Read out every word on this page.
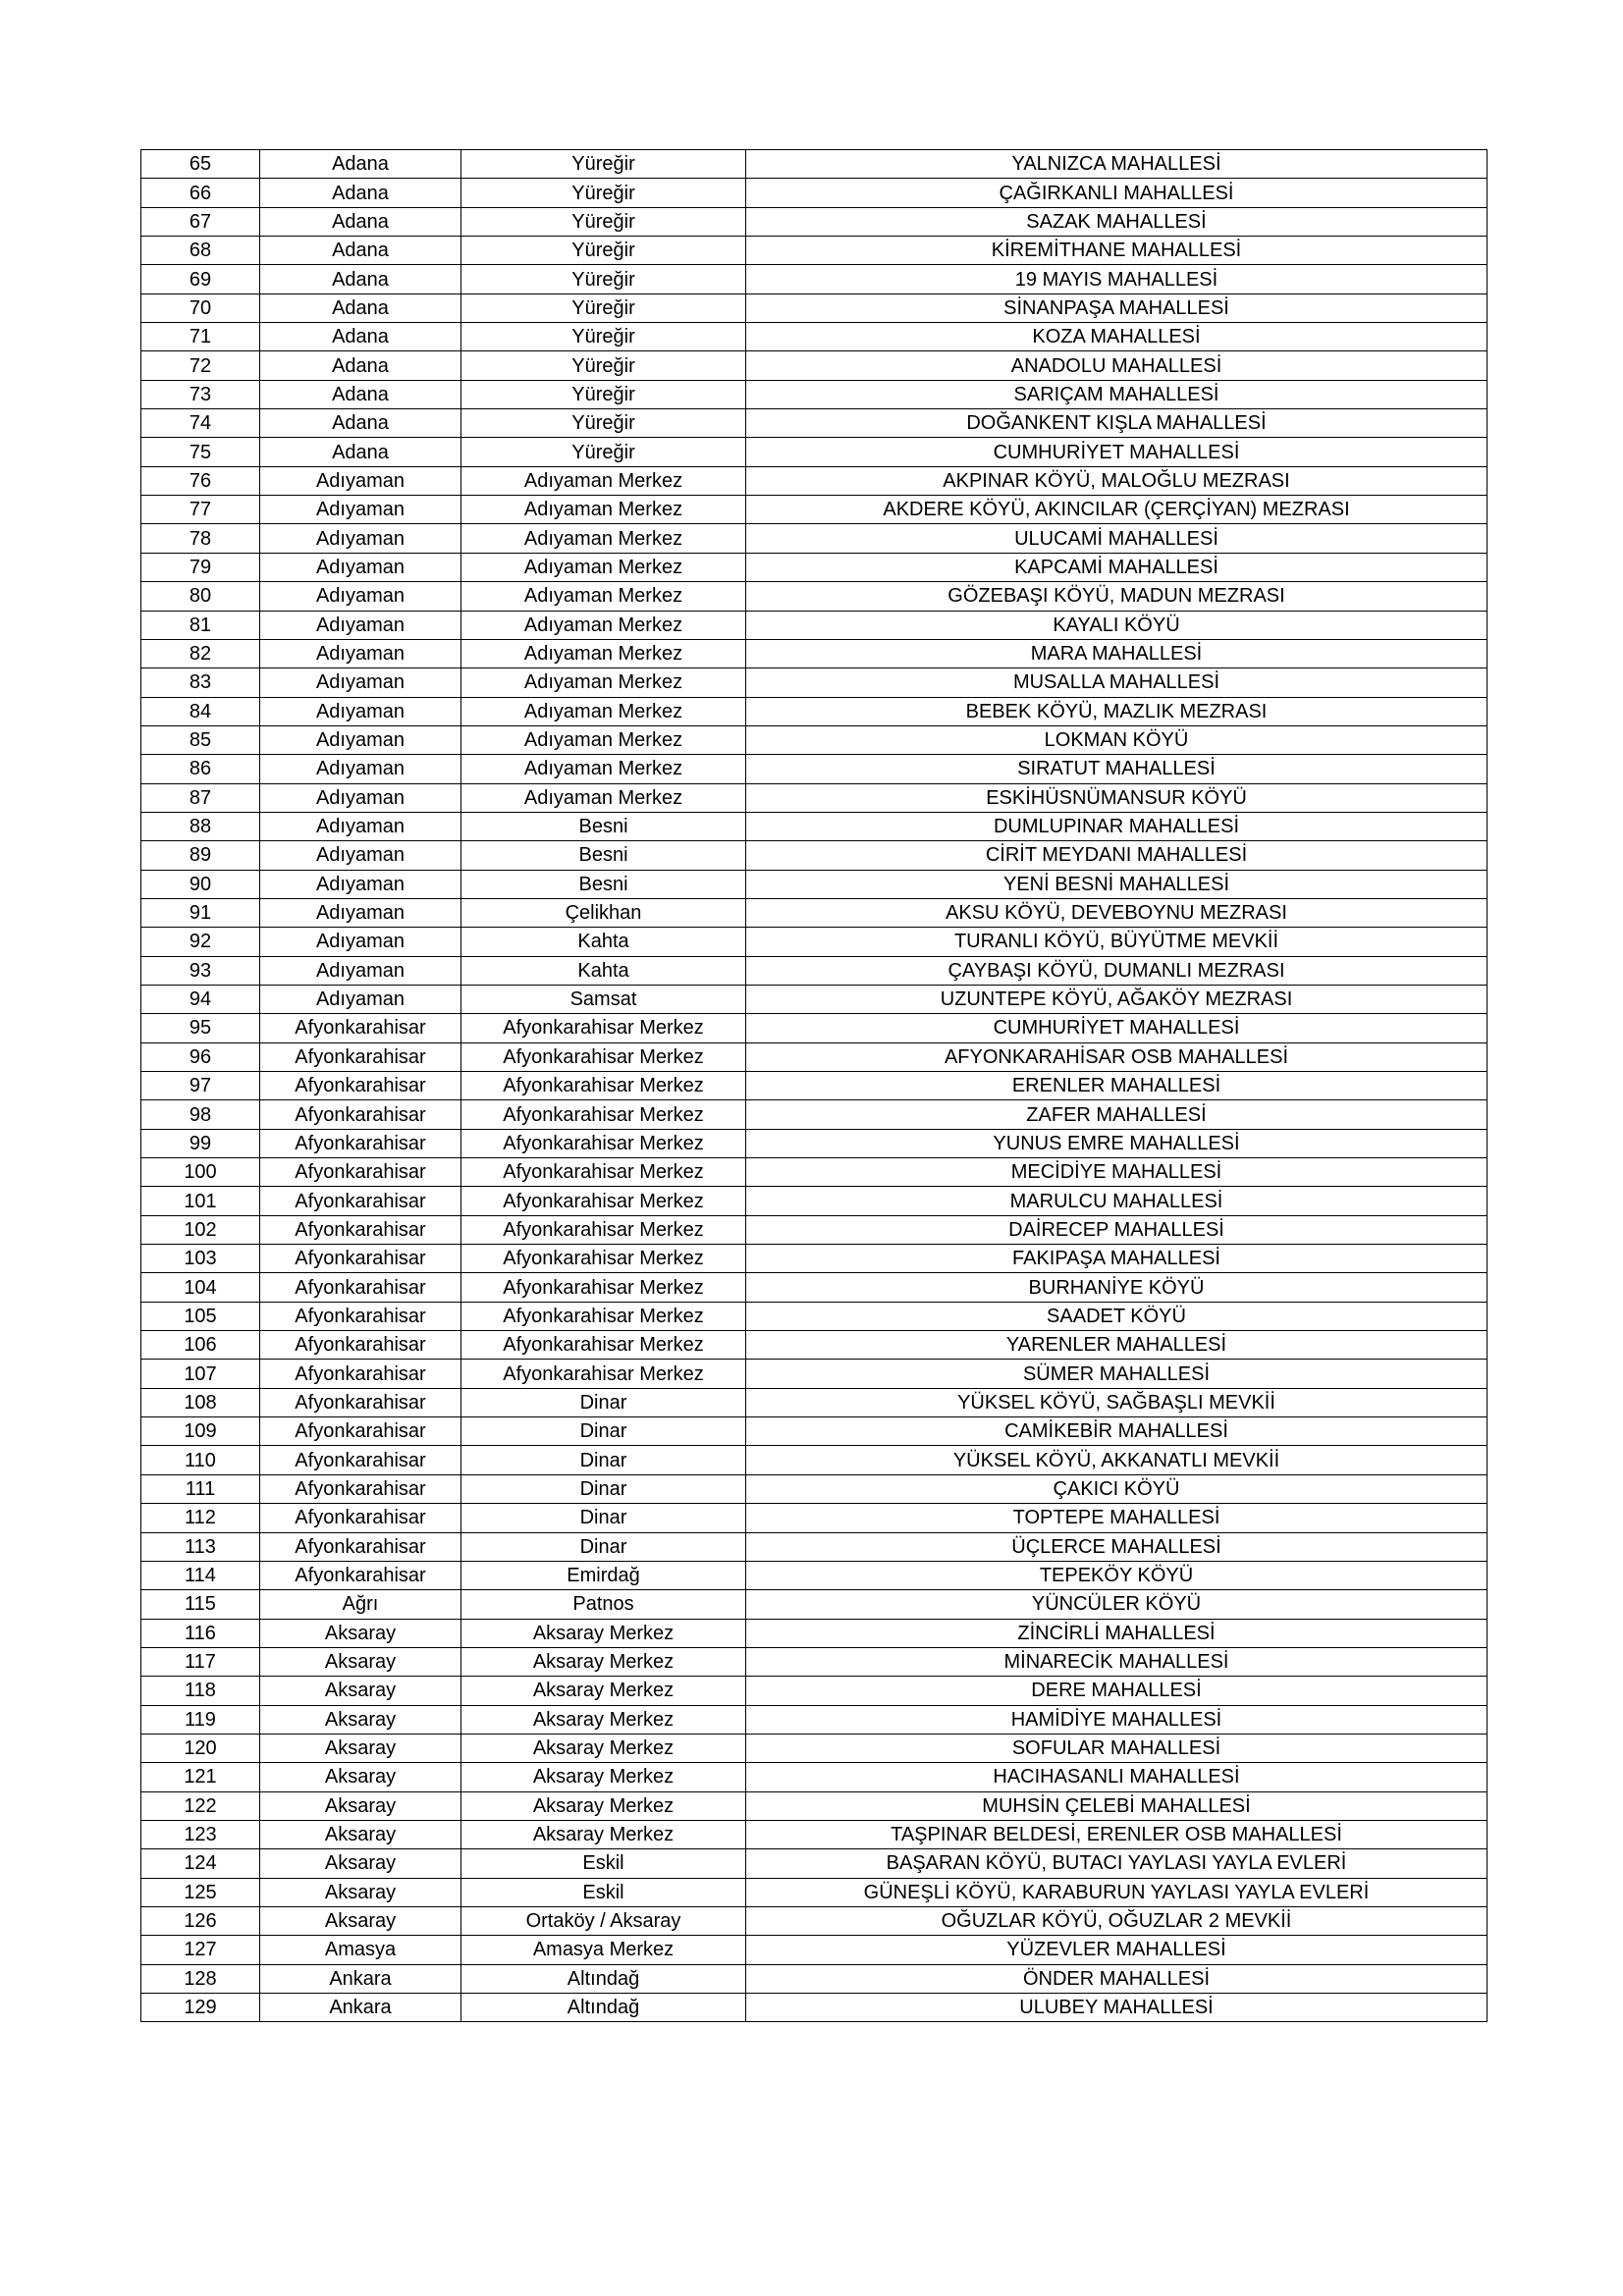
65	Adana	Yüreğir	YALNIZCA MAHALLESİ
66	Adana	Yüreğir	ÇAĞIRKANLI MAHALLESİ
67	Adana	Yüreğir	SAZAK MAHALLESİ
68	Adana	Yüreğir	KİREMİTHANE MAHALLESİ
69	Adana	Yüreğir	19 MAYIS MAHALLESİ
70	Adana	Yüreğir	SİNANPAŞA MAHALLESİ
71	Adana	Yüreğir	KOZA MAHALLESİ
72	Adana	Yüreğir	ANADOLU MAHALLESİ
73	Adana	Yüreğir	SARIÇAM MAHALLESİ
74	Adana	Yüreğir	DOĞANKENT KIŞLA MAHALLESİ
75	Adana	Yüreğir	CUMHURİYET MAHALLESİ
76	Adıyaman	Adıyaman Merkez	AKPINAR KÖYÜ, MALOĞLU MEZRASI
77	Adıyaman	Adıyaman Merkez	AKDERE KÖYÜ, AKINCILAR (ÇERÇİYAN) MEZRASI
78	Adıyaman	Adıyaman Merkez	ULUCAMİ MAHALLESİ
79	Adıyaman	Adıyaman Merkez	KAPCAMİ MAHALLESİ
80	Adıyaman	Adıyaman Merkez	GÖZEBAŞI KÖYÜ, MADUN MEZRASI
81	Adıyaman	Adıyaman Merkez	KAYALI KÖYÜ
82	Adıyaman	Adıyaman Merkez	MARA MAHALLESİ
83	Adıyaman	Adıyaman Merkez	MUSALLA MAHALLESİ
84	Adıyaman	Adıyaman Merkez	BEBEK KÖYÜ, MAZLIK MEZRASI
85	Adıyaman	Adıyaman Merkez	LOKMAN KÖYÜ
86	Adıyaman	Adıyaman Merkez	SIRATUT MAHALLESİ
87	Adıyaman	Adıyaman Merkez	ESKİHÜSNÜMANSUR KÖYÜ
88	Adıyaman	Besni	DUMLUPINAR MAHALLESİ
89	Adıyaman	Besni	CİRİT MEYDANI MAHALLESİ
90	Adıyaman	Besni	YENİ BESNİ MAHALLESİ
91	Adıyaman	Çelikhan	AKSU KÖYÜ, DEVEBOYNU MEZRASI
92	Adıyaman	Kahta	TURANLI KÖYÜ, BÜYÜTME MEVKİİ
93	Adıyaman	Kahta	ÇAYBAŞI KÖYÜ, DUMANLI MEZRASI
94	Adıyaman	Samsat	UZUNTEPE KÖYÜ, AĞAKÖY MEZRASI
95	Afyonkarahisar	Afyonkarahisar Merkez	CUMHURİYET MAHALLESİ
96	Afyonkarahisar	Afyonkarahisar Merkez	AFYONKARAHİSAR OSB MAHALLESİ
97	Afyonkarahisar	Afyonkarahisar Merkez	ERENLER MAHALLESİ
98	Afyonkarahisar	Afyonkarahisar Merkez	ZAFER MAHALLESİ
99	Afyonkarahisar	Afyonkarahisar Merkez	YUNUS EMRE MAHALLESİ
100	Afyonkarahisar	Afyonkarahisar Merkez	MECİDİYE MAHALLESİ
101	Afyonkarahisar	Afyonkarahisar Merkez	MARULCU MAHALLESİ
102	Afyonkarahisar	Afyonkarahisar Merkez	DAİRECEP MAHALLESİ
103	Afyonkarahisar	Afyonkarahisar Merkez	FAKIPAŞA MAHALLESİ
104	Afyonkarahisar	Afyonkarahisar Merkez	BURHANİYE KÖYÜ
105	Afyonkarahisar	Afyonkarahisar Merkez	SAADET KÖYÜ
106	Afyonkarahisar	Afyonkarahisar Merkez	YARENLER MAHALLESİ
107	Afyonkarahisar	Afyonkarahisar Merkez	SÜMER MAHALLESİ
108	Afyonkarahisar	Dinar	YÜKSEL KÖYÜ, SAĞBAŞLI MEVKİİ
109	Afyonkarahisar	Dinar	CAMİKEBİR MAHALLESİ
110	Afyonkarahisar	Dinar	YÜKSEL KÖYÜ, AKKANATLI MEVKİİ
111	Afyonkarahisar	Dinar	ÇAKICI KÖYÜ
112	Afyonkarahisar	Dinar	TOPTEPE MAHALLESİ
113	Afyonkarahisar	Dinar	ÜÇLERCE MAHALLESİ
114	Afyonkarahisar	Emirdağ	TEPEKÖY KÖYÜ
115	Ağrı	Patnos	YÜNCÜLER KÖYÜ
116	Aksaray	Aksaray Merkez	ZİNCİRLİ MAHALLESİ
117	Aksaray	Aksaray Merkez	MİNARECİK MAHALLESİ
118	Aksaray	Aksaray Merkez	DERE MAHALLESİ
119	Aksaray	Aksaray Merkez	HAMİDİYE MAHALLESİ
120	Aksaray	Aksaray Merkez	SOFULAR MAHALLESİ
121	Aksaray	Aksaray Merkez	HACIHASANLI MAHALLESİ
122	Aksaray	Aksaray Merkez	MUHSİN ÇELEBİ MAHALLESİ
123	Aksaray	Aksaray Merkez	TAŞPINAR BELDESİ, ERENLER OSB MAHALLESİ
124	Aksaray	Eskil	BAŞARAN KÖYÜ, BUTACI YAYLASI YAYLA EVLERİ
125	Aksaray	Eskil	GÜNEŞLİ KÖYÜ, KARABURUN YAYLASI YAYLA EVLERİ
126	Aksaray	Ortaköy / Aksaray	OĞUZLAR KÖYÜ, OĞUZLAR 2 MEVKİİ
127	Amasya	Amasya Merkez	YÜZEVLER MAHALLESİ
128	Ankara	Altındağ	ÖNDER MAHALLESİ
129	Ankara	Altındağ	ULUBEY MAHALLESİ
